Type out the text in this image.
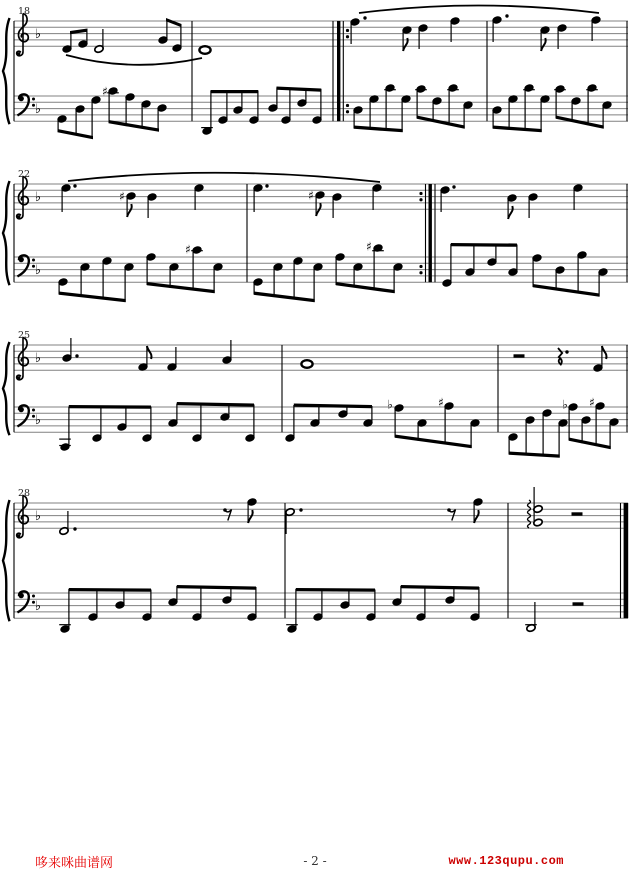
18
♭
♭
♯
22
♭
♭
♯	♯
♯	♯
25
♭
♭
♭	♯	♭ ♯
28
♭
♭
哆来咪曲谱网	- 2 -	www.123qupu.com
